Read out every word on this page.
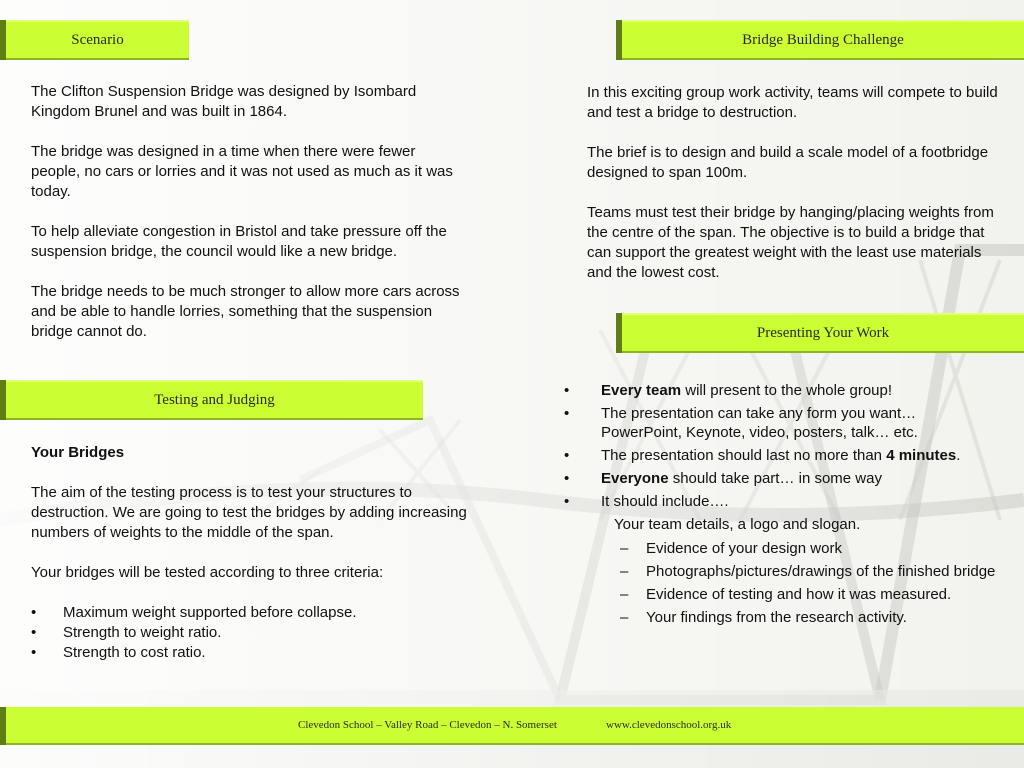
Scenario	Bridge Building Challenge
Presenting Your Work
Testing and Judging

The Clifton Suspension Bridge was designed by Isombard Kingdom Brunel and was built in 1864.

The bridge was designed in a time when there were fewer people, no cars or lorries and it was not used as much as it was today.

To help alleviate congestion in Bristol and take pressure off the suspension bridge, the council would like a new bridge.

The bridge needs to be much stronger to allow more cars across and be able to handle lorries, something that the suspension bridge cannot do.

In this exciting group work activity, teams will compete to build and test a bridge to destruction.

The brief is to design and build a scale model of a footbridge designed to span 100m.

Teams must test their bridge by hanging/placing weights from the centre of the span. The objective is to build a bridge that can support the greatest weight with the least use materials and the lowest cost.

Your Bridges

The aim of the testing process is to test your structures to destruction. We are going to test the bridges by adding increasing numbers of weights to the middle of the span.

Your bridges will be tested according to three criteria:

• Maximum weight supported before collapse.
• Strength to weight ratio.
• Strength to cost ratio.
• Every team will present to the whole group!
• The presentation can take any form you want… PowerPoint, Keynote, video, posters, talk… etc.
• The presentation should last no more than 4 minutes.
• Everyone should take part… in some way
• It should include….
Your team details, a logo and slogan.
– Evidence of your design work
– Photographs/pictures/drawings of the finished bridge
– Evidence of testing and how it was measured.
– Your findings from the research activity.
Clevedon School – Valley Road – Clevedon – N. Somerset	www.clevedonschool.org.uk
